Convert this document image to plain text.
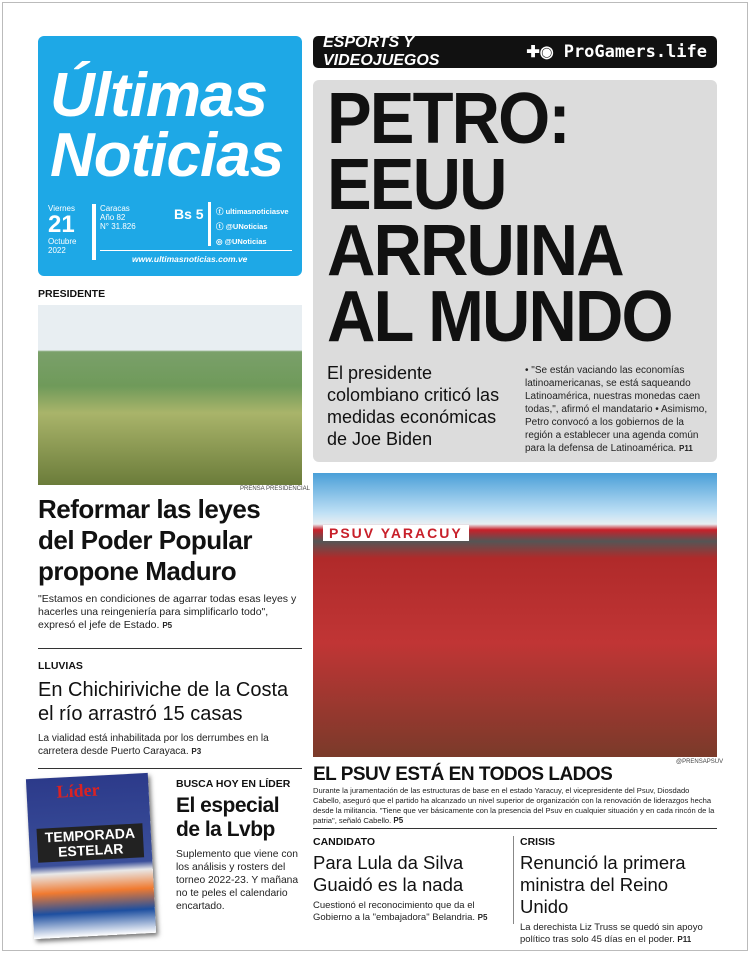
Últimas Noticias
Viernes
21
Octubre
2022
Caracas
Año 82
N° 31.826
Bs 5 ⓕ ultimasnoticiasve
ⓣ @UNoticias
◎ @UNoticias
www.ultimasnoticias.com.ve
ESPORTS Y VIDEOJUEGOS	✚◉ ProGamers.life
PETRO: EEUU ARRUINA AL MUNDO
El presidente colombiano criticó las medidas económicas de Joe Biden
• "Se están vaciando las economías latinoamericanas, se está saqueando Latinoamérica, nuestras monedas caen todas,", afirmó el mandatario • Asimismo, Petro convocó a los gobiernos de la región a establecer una agenda común para la defensa de Latinoamérica. P11
PRESIDENTE
PRENSA PRESIDENCIAL
Reformar las leyes del Poder Popular propone Maduro
"Estamos en condiciones de agarrar todas esas leyes y hacerles una reingeniería para simplificarlo todo", expresó el jefe de Estado. P5
LLUVIAS
En Chichiriviche de la Costa el río arrastró 15 casas
La vialidad está inhabilitada por los derrumbes en la carretera desde Puerto Carayaca. P3
Líder
TEMPORADA ESTELAR
BUSCA HOY EN LÍDER
El especial de la Lvbp
Suplemento que viene con los análisis y rosters del torneo 2022-23. Y mañana no te peles el calendario encartado.
PSUV YARACUY
@PRENSAPSUV
EL PSUV ESTÁ EN TODOS LADOS
Durante la juramentación de las estructuras de base en el estado Yaracuy, el vicepresidente del Psuv, Diosdado Cabello, aseguró que el partido ha alcanzado un nivel superior de organización con la renovación de liderazgos hecha desde la militancia. "Tiene que ver básicamente con la presencia del Psuv en cualquier situación y en cada rincón de la patria", señaló Cabello. P5
CANDIDATO
Para Lula da Silva Guaidó es la nada
Cuestionó el reconocimiento que da el Gobierno a la "embajadora" Belandria. P5
CRISIS
Renunció la primera ministra del Reino Unido
La derechista Liz Truss se quedó sin apoyo político tras solo 45 días en el poder. P11
